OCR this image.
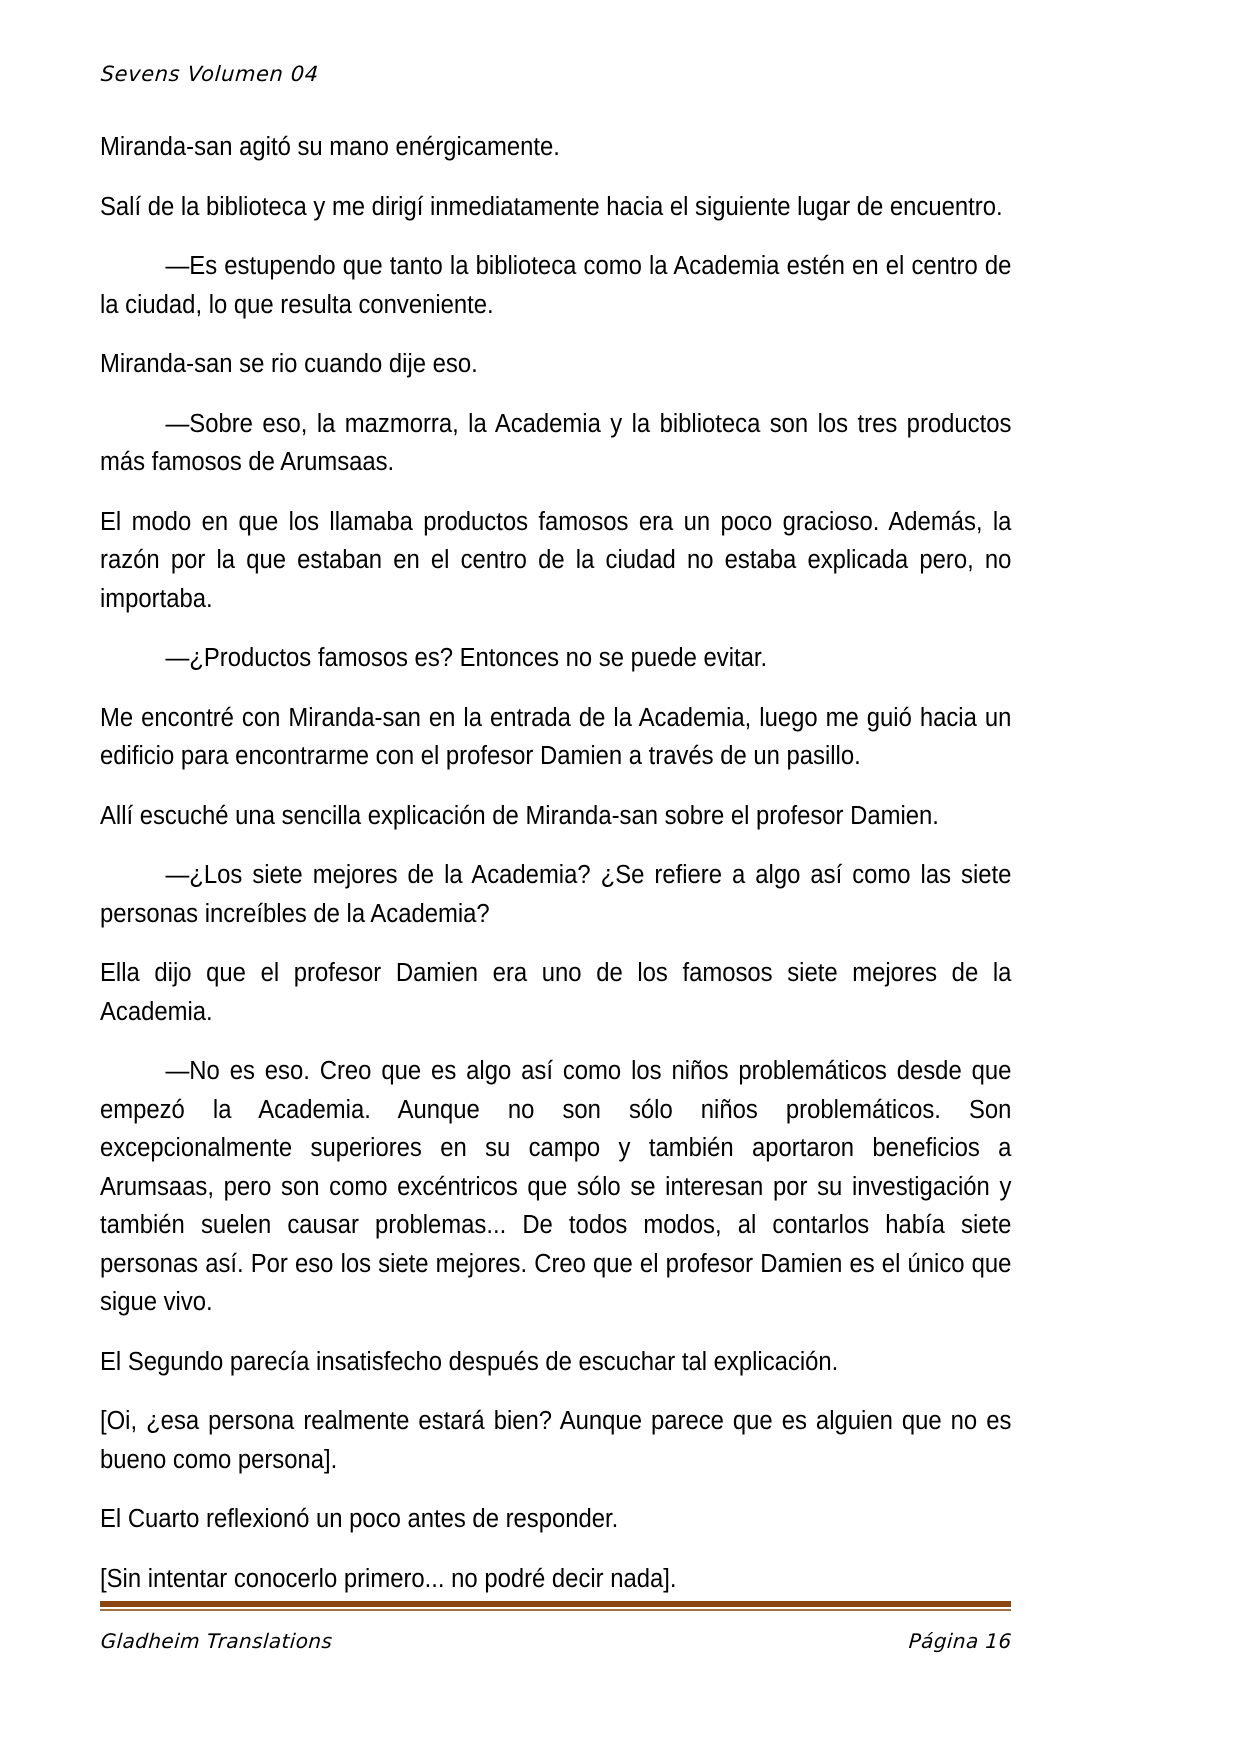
Sevens Volumen 04

Miranda-san agitó su mano enérgicamente.

Salí de la biblioteca y me dirigí inmediatamente hacia el siguiente lugar de encuentro.

—Es estupendo que tanto la biblioteca como la Academia estén en el centro de la ciudad, lo que resulta conveniente.

Miranda-san se rio cuando dije eso.

—Sobre eso, la mazmorra, la Academia y la biblioteca son los tres productos más famosos de Arumsaas.

El modo en que los llamaba productos famosos era un poco gracioso. Además, la razón por la que estaban en el centro de la ciudad no estaba explicada pero, no importaba.

—¿Productos famosos es? Entonces no se puede evitar.

Me encontré con Miranda-san en la entrada de la Academia, luego me guió hacia un edificio para encontrarme con el profesor Damien a través de un pasillo.

Allí escuché una sencilla explicación de Miranda-san sobre el profesor Damien.

—¿Los siete mejores de la Academia? ¿Se refiere a algo así como las siete personas increíbles de la Academia?

Ella dijo que el profesor Damien era uno de los famosos siete mejores de la Academia.

—No es eso. Creo que es algo así como los niños problemáticos desde que empezó la Academia. Aunque no son sólo niños problemáticos. Son excepcionalmente superiores en su campo y también aportaron beneficios a Arumsaas, pero son como excéntricos que sólo se interesan por su investigación y también suelen causar problemas... De todos modos, al contarlos había siete personas así. Por eso los siete mejores. Creo que el profesor Damien es el único que sigue vivo.

El Segundo parecía insatisfecho después de escuchar tal explicación.

[Oi, ¿esa persona realmente estará bien? Aunque parece que es alguien que no es bueno como persona].

El Cuarto reflexionó un poco antes de responder.

[Sin intentar conocerlo primero... no podré decir nada].

Gladheim Translations	Página 16
